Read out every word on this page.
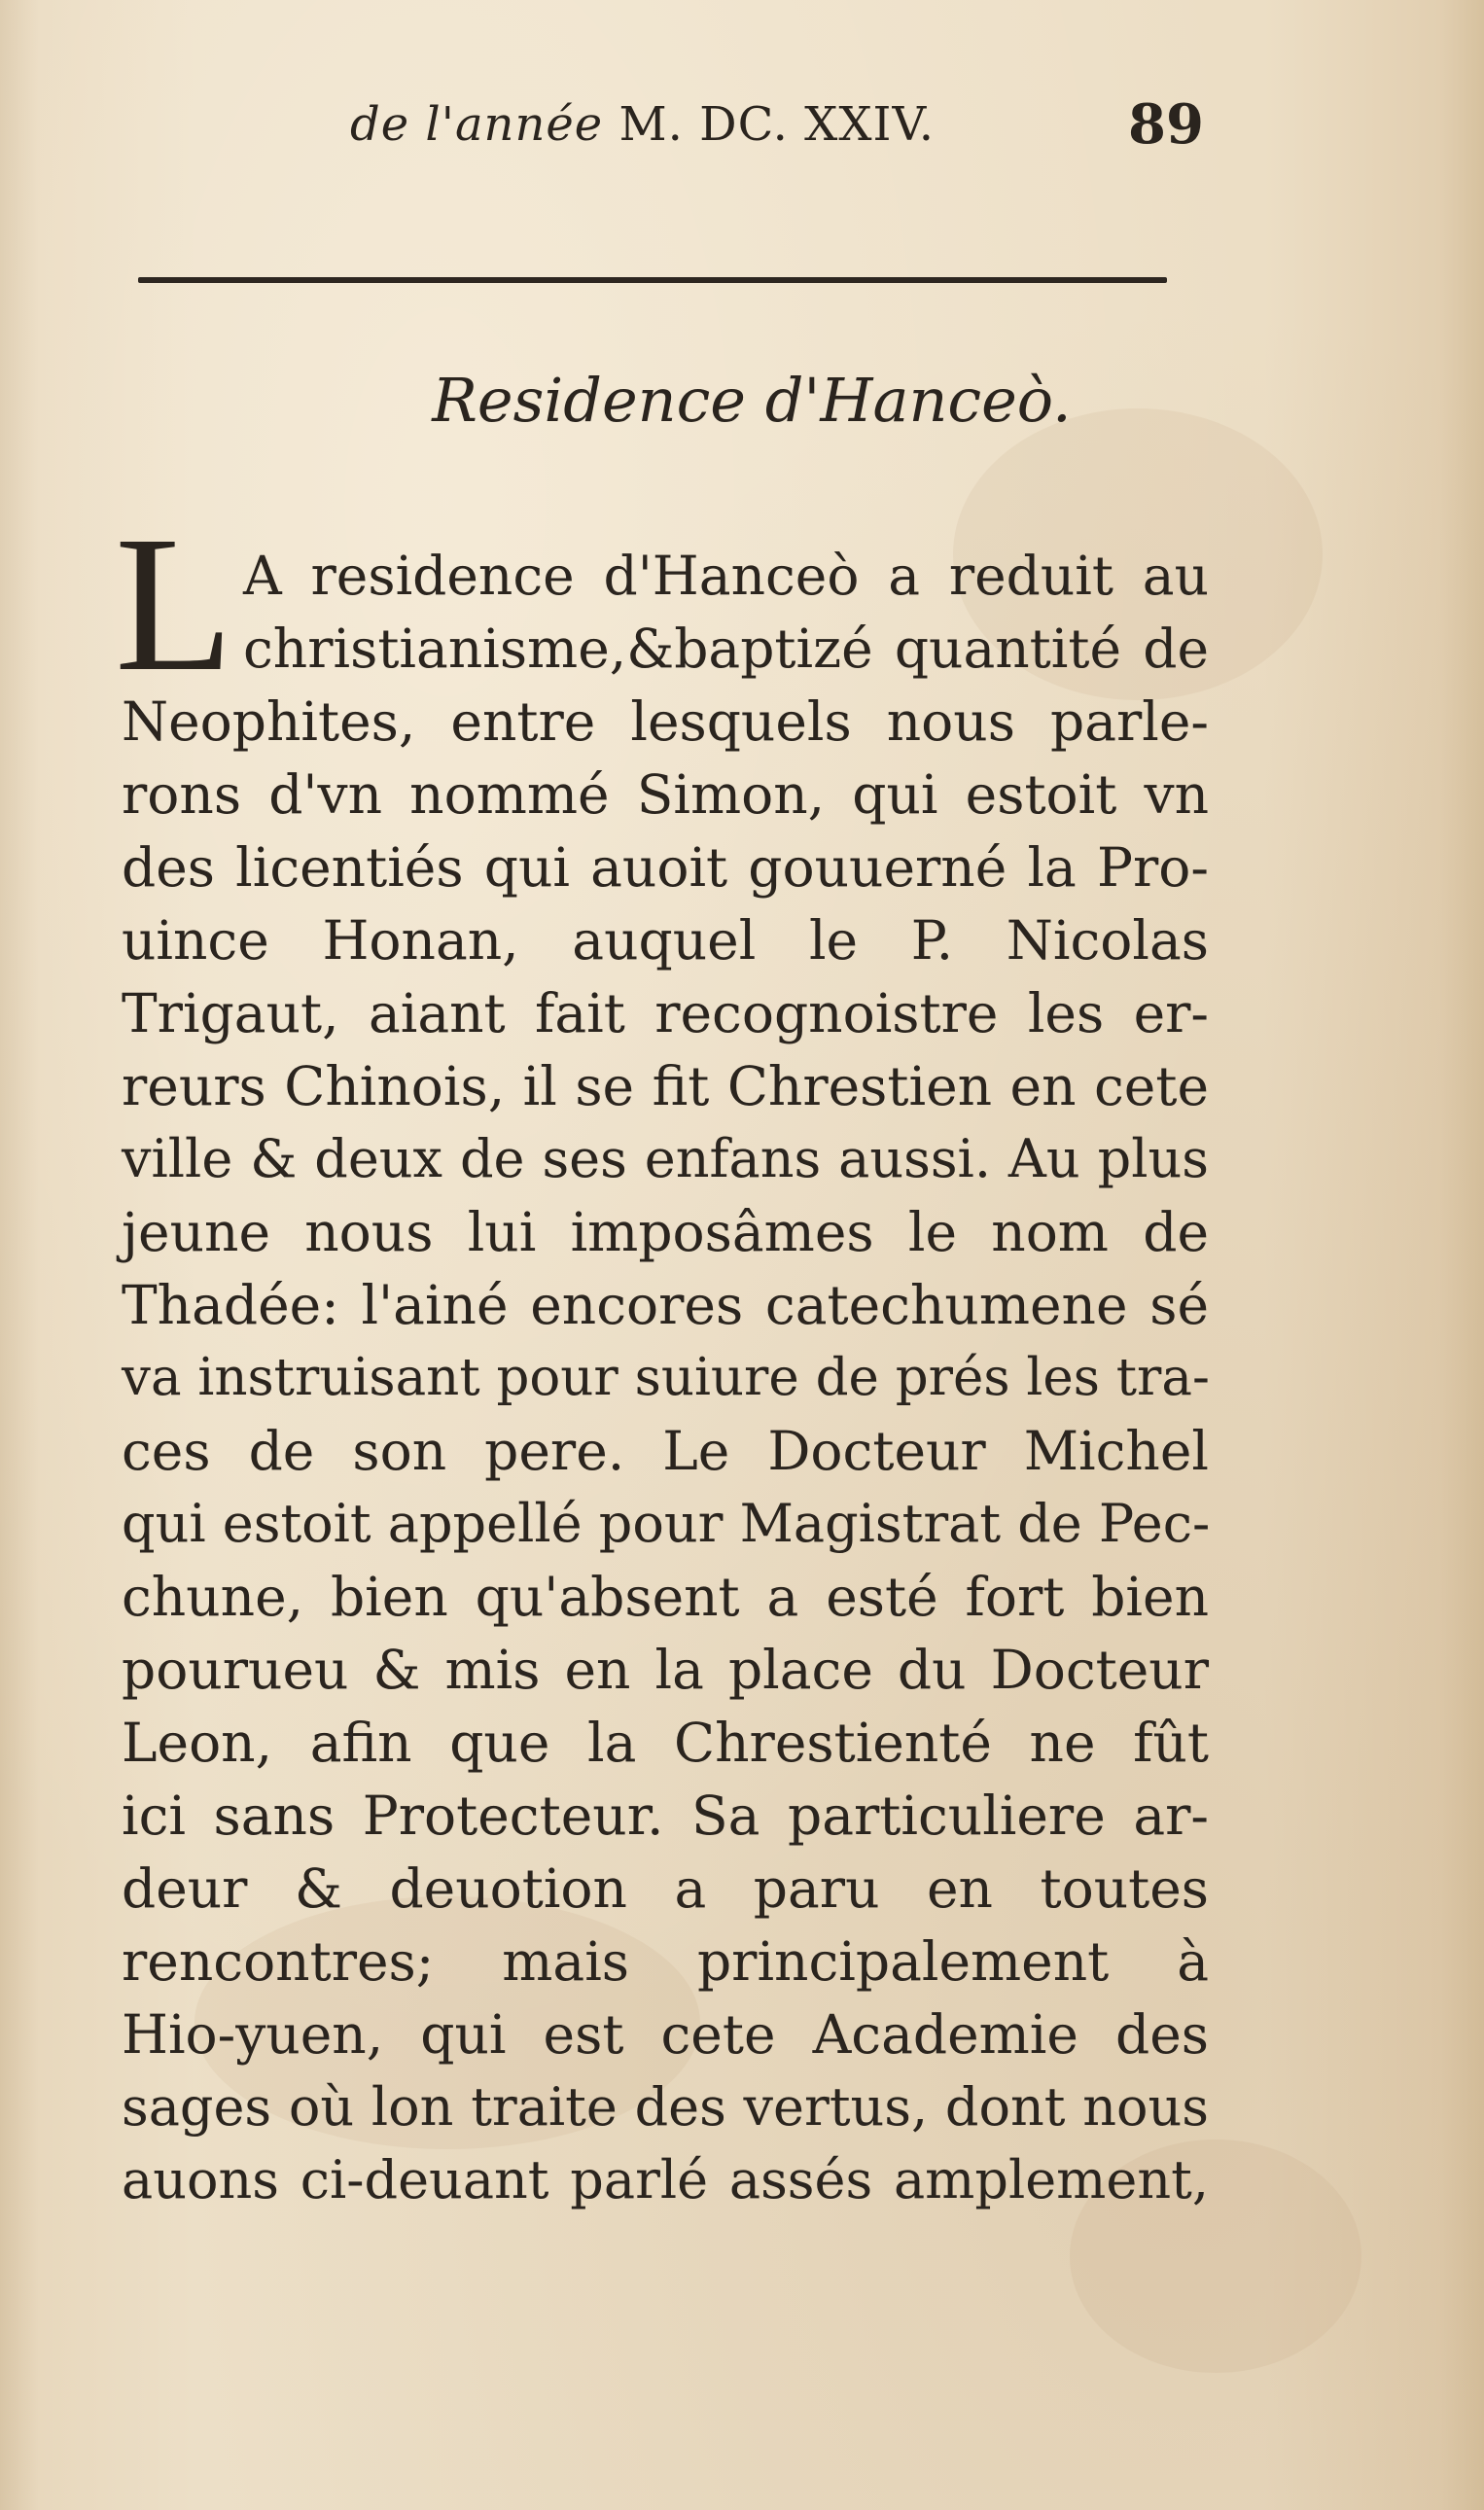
de l'année M. DC. XXIV.	89
Residence d'Hanceò.
L A residence d'Hanceò a reduit au
christianisme,&baptizé quantité de
Neophites, entre lesquels nous parle-
rons d'vn nommé Simon, qui estoit vn
des licentiés qui auoit gouuerné la Pro-
uince Honan, auquel le P. Nicolas
Trigaut, aiant fait recognoistre les er-
reurs Chinois, il se fit Chrestien en cete
ville & deux de ses enfans aussi. Au plus
jeune nous lui imposâmes le nom de
Thadée: l'ainé encores catechumene sé
va instruisant pour suiure de prés les tra-
ces de son pere. Le Docteur Michel
qui estoit appellé pour Magistrat de Pec-
chune, bien qu'absent a esté fort bien
pourueu & mis en la place du Docteur
Leon, afin que la Chrestienté ne fût
ici sans Protecteur. Sa particuliere ar-
deur & deuotion a paru en toutes
rencontres; mais principalement à
Hio-yuen, qui est cete Academie des
sages où lon traite des vertus, dont nous
auons ci-deuant parlé assés amplement,
